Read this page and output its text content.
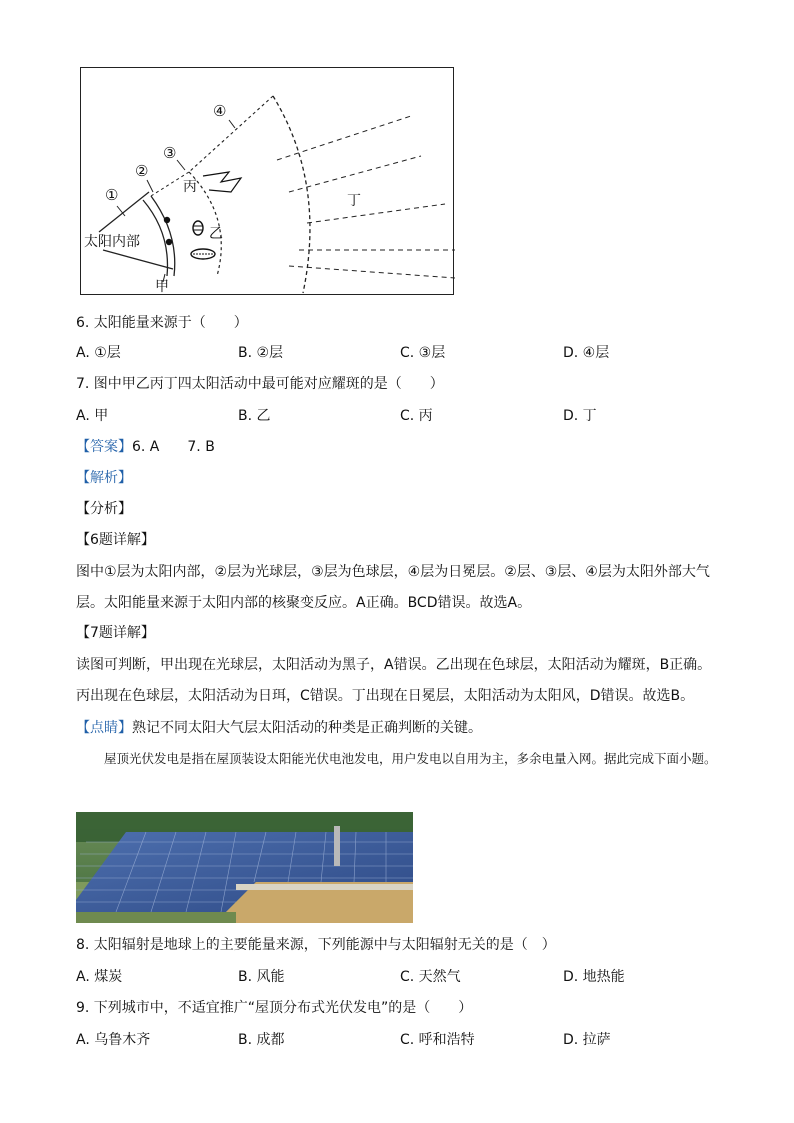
①
②
③
④
太阳内部
甲
乙
丙
丁
6. 太阳能量来源于（　　）
A. ①层	B. ②层	C. ③层	D. ④层
7. 图中甲乙丙丁四太阳活动中最可能对应耀斑的是（　　）
A. 甲	B. 乙	C. 丙	D. 丁
【答案】6. A　　7. B
【解析】
【分析】
【6题详解】
图中①层为太阳内部，②层为光球层，③层为色球层，④层为日冕层。②层、③层、④层为太阳外部大气层。太阳能量来源于太阳内部的核聚变反应。A正确。BCD错误。故选A。
【7题详解】
读图可判断，甲出现在光球层，太阳活动为黑子，A错误。乙出现在色球层，太阳活动为耀斑，B正确。丙出现在色球层，太阳活动为日珥，C错误。丁出现在日冕层，太阳活动为太阳风，D错误。故选B。
【点睛】熟记不同太阳大气层太阳活动的种类是正确判断的关键。
屋顶光伏发电是指在屋顶装设太阳能光伏电池发电，用户发电以自用为主，多余电量入网。据此完成下面小题。
8. 太阳辐射是地球上的主要能量来源，下列能源中与太阳辐射无关的是（　）
A. 煤炭	B. 风能	C. 天然气	D. 地热能
9. 下列城市中，不适宜推广“屋顶分布式光伏发电”的是（　　）
A. 乌鲁木齐	B. 成都	C. 呼和浩特	D. 拉萨
